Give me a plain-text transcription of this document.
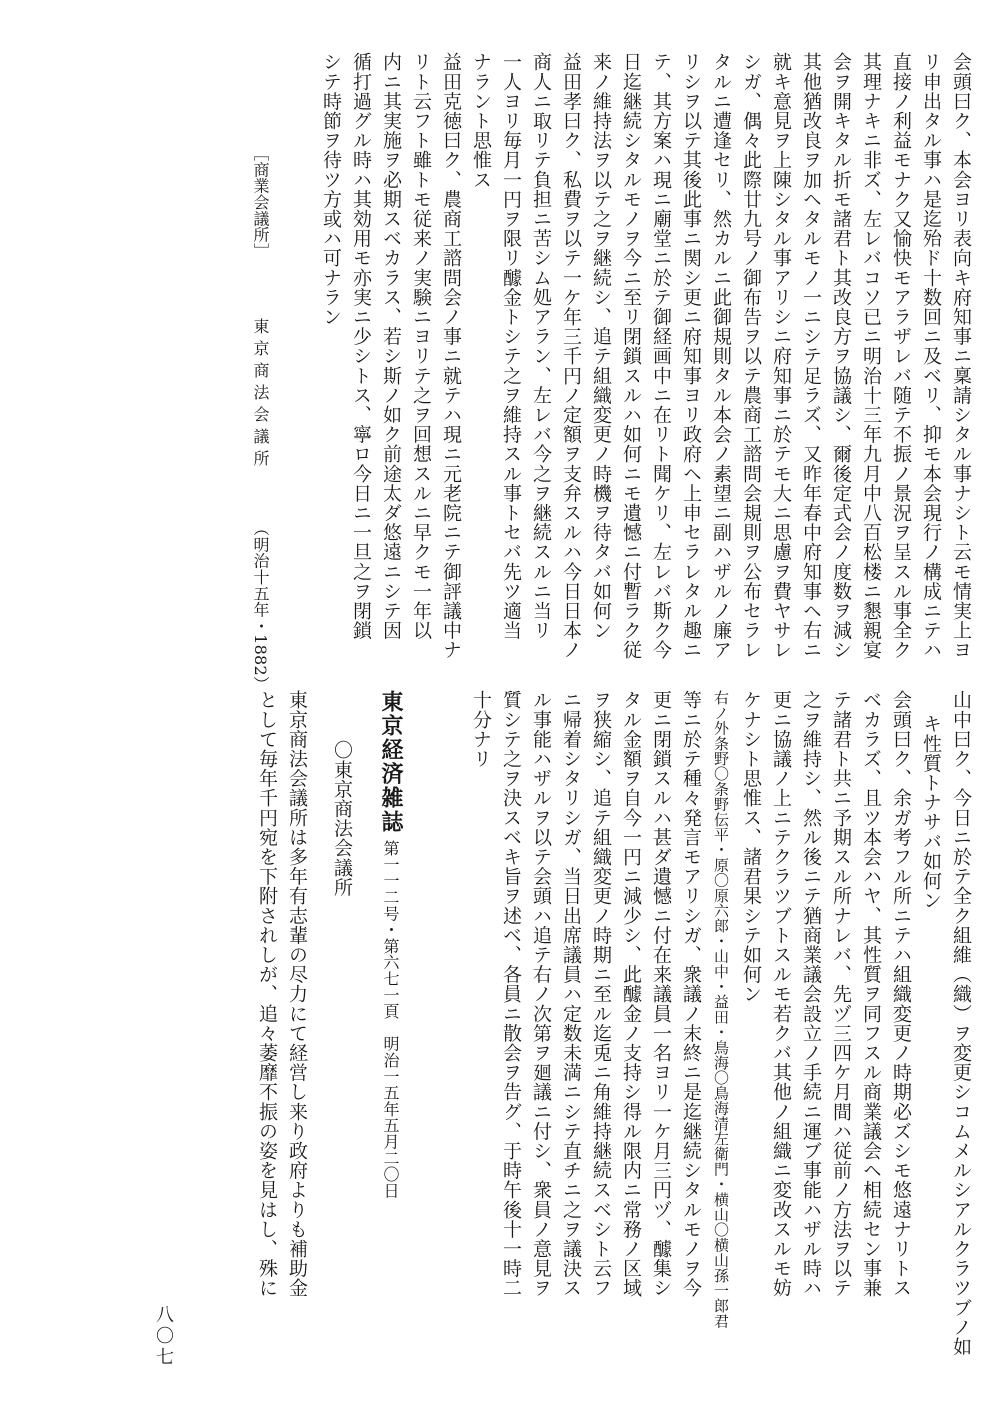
会頭曰ク、本会ヨリ表向キ府知事ニ稟請シタル事ナシト云モ情実上ヨ
リ申出タル事ハ是迄殆ド十数回ニ及ベリ、抑モ本会現行ノ構成ニテハ
直接ノ利益モナク又愉快モアラザレバ随テ不振ノ景況ヲ呈スル事全ク
其理ナキニ非ズ、左レバコソ已ニ明治十三年九月中八百松楼ニ懇親宴
会ヲ開キタル折モ諸君ト其改良方ヲ協議シ、爾後定式会ノ度数ヲ減シ
其他猶改良ヲ加ヘタルモノ一ニシテ足ラズ、又昨年春中府知事ヘ右ニ
就キ意見ヲ上陳シタル事アリシニ府知事ニ於テモ大ニ思慮ヲ費ヤサレ
シガ、偶々此際廿九号ノ御布告ヲ以テ農商工諮問会規則ヲ公布セラレ
タルニ遭逢セリ、然カルニ此御規則タル本会ノ素望ニ副ハザルノ廉ア
リシヲ以テ其後此事ニ関シ更ニ府知事ヨリ政府ヘ上申セラレタル趣ニ
テ、其方案ハ現ニ廟堂ニ於テ御経画中ニ在リト聞ケリ、左レバ斯ク今
日迄継続シタルモノヲ今ニ至リ閉鎖スルハ如何ニモ遺憾ニ付暫ラク従
来ノ維持法ヲ以テ之ヲ継続シ、追テ組織変更ノ時機ヲ待タバ如何ン
益田孝曰ク、私費ヲ以テ一ケ年三千円ノ定額ヲ支弁スルハ今日日本ノ
商人ニ取リテ負担ニ苦シム処アラン、左レバ今之ヲ継続スルニ当リ
一人ヨリ毎月一円ヲ限リ醵金トシテ之ヲ維持スル事トセバ先ツ適当
ナラント思惟ス
益田克徳曰ク、農商工諮問会ノ事ニ就テハ現ニ元老院ニテ御評議中ナ
リト云フト雖トモ従来ノ実験ニヨリテ之ヲ回想スルニ早クモ一年以
内ニ其実施ヲ必期スベカラス、若シ斯ノ如ク前途太ダ悠遠ニシテ因
循打過グル時ハ其効用モ亦実ニ少シトス、寧ロ今日ニ一旦之ヲ閉鎖
シテ時節ヲ待ツ方或ハ可ナラン
［商業会議所］
東京商法会議所
（明治十五年・1882）
山中曰ク、今日ニ於テ全ク組維（織）ヲ変更シコムメルシアルクラツブノ如
キ性質トナサバ如何ン
会頭曰ク、余ガ考フル所ニテハ組織変更ノ時期必ズシモ悠遠ナリトス
ベカラズ、且ツ本会ハヤ、其性質ヲ同フスル商業議会ヘ相続セン事兼
テ諸君ト共ニ予期スル所ナレバ、先ヅ三四ケ月間ハ従前ノ方法ヲ以テ
之ヲ維持シ、然ル後ニテ猶商業議会設立ノ手続ニ運ブ事能ハザル時ハ
更ニ協議ノ上ニテクラツブトスルモ若クバ其他ノ組織ニ変改スルモ妨
ケナシト思惟ス、諸君果シテ如何ン
右ノ外条野〇条野伝平・原〇原六郎・山中・益田・鳥海〇鳥海清左衛門・横山〇横山孫一郎君
等ニ於テ種々発言モアリシガ、衆議ノ末終ニ是迄継続シタルモノヲ今
更ニ閉鎖スルハ甚ダ遺憾ニ付在来議員一名ヨリ一ケ月三円ヅ、醵集シ
タル金額ヲ自今一円ニ減少シ、此醵金ノ支持シ得ル限内ニ常務ノ区域
ヲ狭縮シ、追テ組織変更ノ時期ニ至ル迄兎ニ角維持継続スベシト云フ
ニ帰着シタリシガ、当日出席議員ハ定数未満ニシテ直チニ之ヲ議決ス
ル事能ハザルヲ以テ会頭ハ追テ右ノ次第ヲ廻議ニ付シ、衆員ノ意見ヲ
質シテ之ヲ決スベキ旨ヲ述ベ、各員ニ散会ヲ告グ、于時午後十一時二
十分ナリ
東京経済雑誌
第一一二号・第六七一頁　明治一五年五月二〇日
〇東京商法会議所
東京商法会議所は多年有志輩の尽力にて経営し来り政府よりも補助金
として毎年千円宛を下附されしが、追々萎靡不振の姿を見はし、殊に
八〇七
